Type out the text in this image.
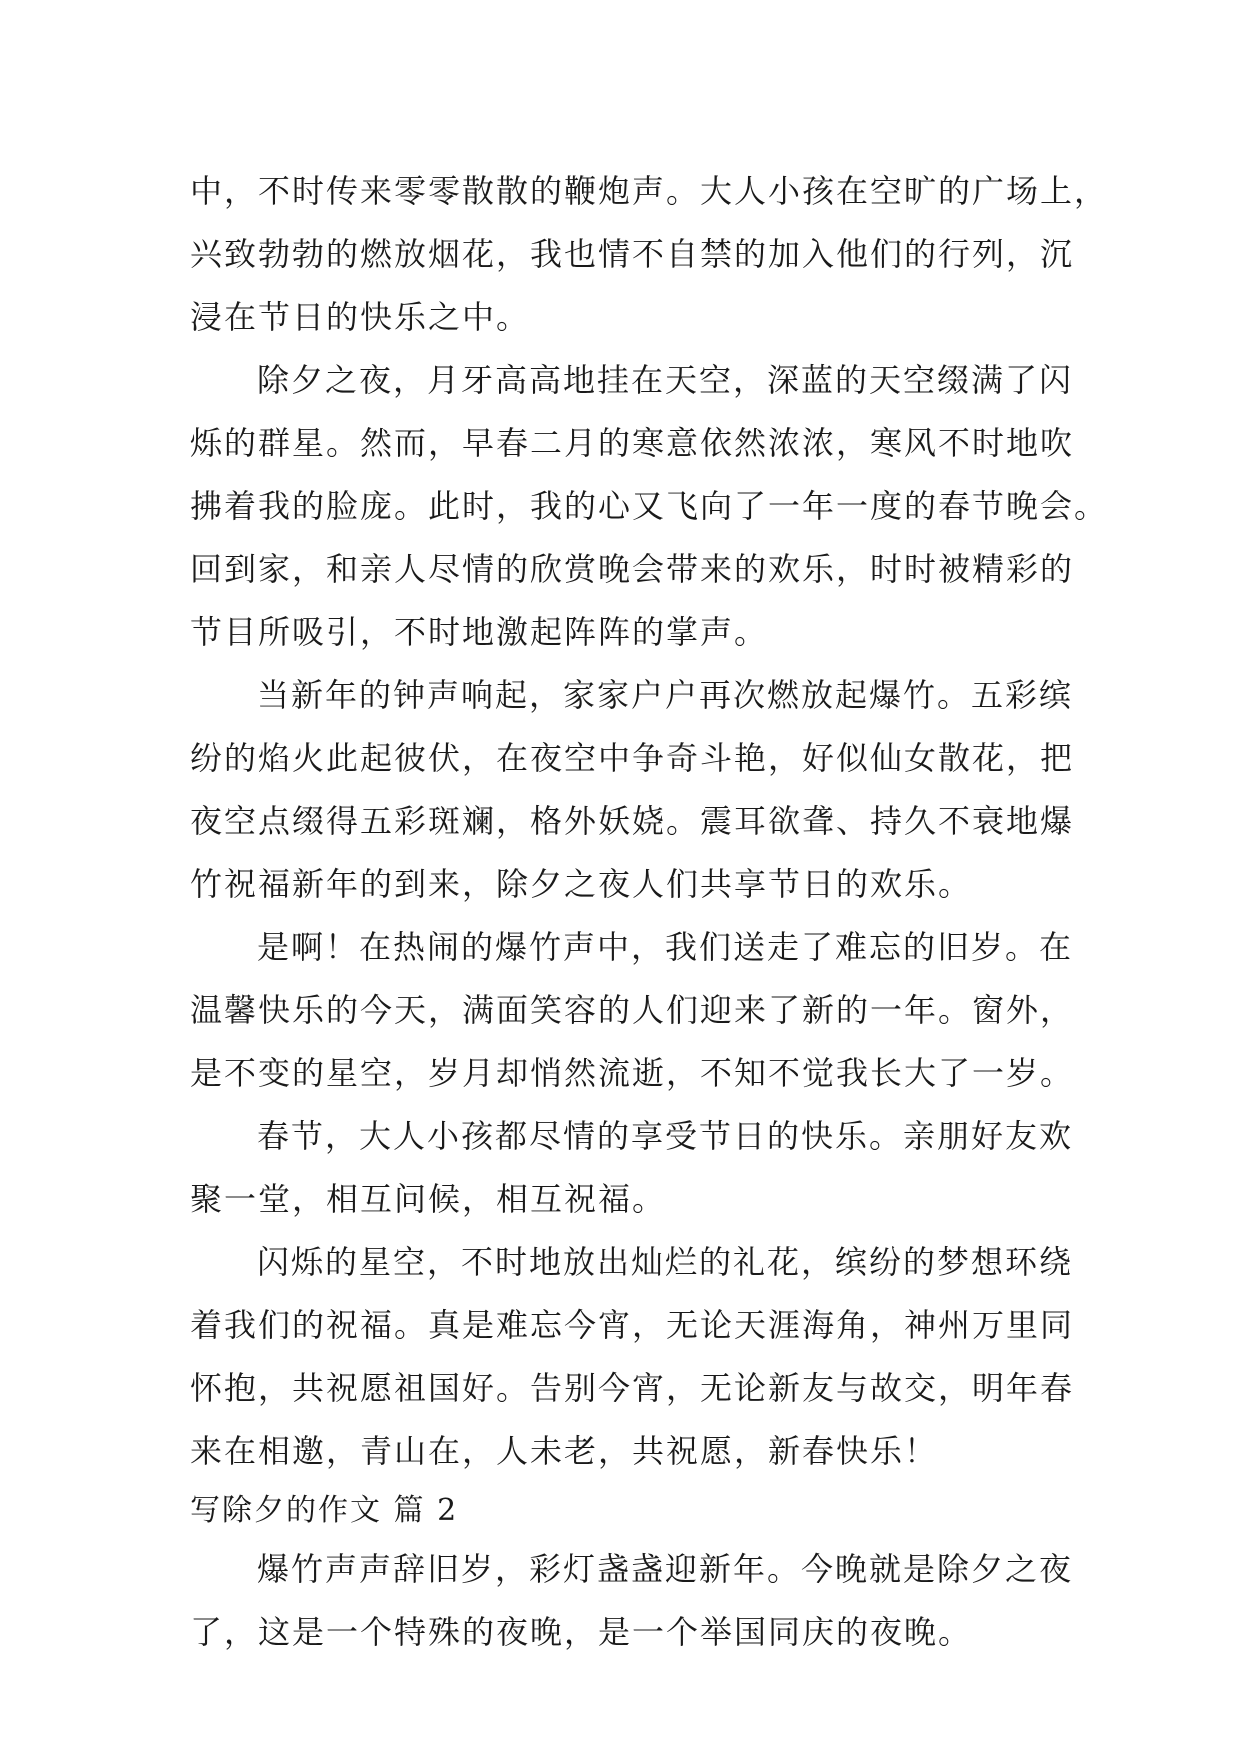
中，不时传来零零散散的鞭炮声。大人小孩在空旷的广场上，
兴致勃勃的燃放烟花，我也情不自禁的加入他们的行列，沉
浸在节日的快乐之中。
除夕之夜，月牙高高地挂在天空，深蓝的天空缀满了闪
烁的群星。然而，早春二月的寒意依然浓浓，寒风不时地吹
拂着我的脸庞。此时，我的心又飞向了一年一度的春节晚会。
回到家，和亲人尽情的欣赏晚会带来的欢乐，时时被精彩的
节目所吸引，不时地激起阵阵的掌声。
当新年的钟声响起，家家户户再次燃放起爆竹。五彩缤
纷的焰火此起彼伏，在夜空中争奇斗艳，好似仙女散花，把
夜空点缀得五彩斑斓，格外妖娆。震耳欲聋、持久不衰地爆
竹祝福新年的到来，除夕之夜人们共享节日的欢乐。
是啊！在热闹的爆竹声中，我们送走了难忘的旧岁。在
温馨快乐的今天，满面笑容的人们迎来了新的一年。窗外，
是不变的星空，岁月却悄然流逝，不知不觉我长大了一岁。
春节，大人小孩都尽情的享受节日的快乐。亲朋好友欢
聚一堂，相互问候，相互祝福。
闪烁的星空，不时地放出灿烂的礼花，缤纷的梦想环绕
着我们的祝福。真是难忘今宵，无论天涯海角，神州万里同
怀抱，共祝愿祖国好。告别今宵，无论新友与故交，明年春
来在相邀，青山在，人未老，共祝愿，新春快乐！
写除夕的作文 篇 2
爆竹声声辞旧岁，彩灯盏盏迎新年。今晚就是除夕之夜
了，这是一个特殊的夜晚，是一个举国同庆的夜晚。
